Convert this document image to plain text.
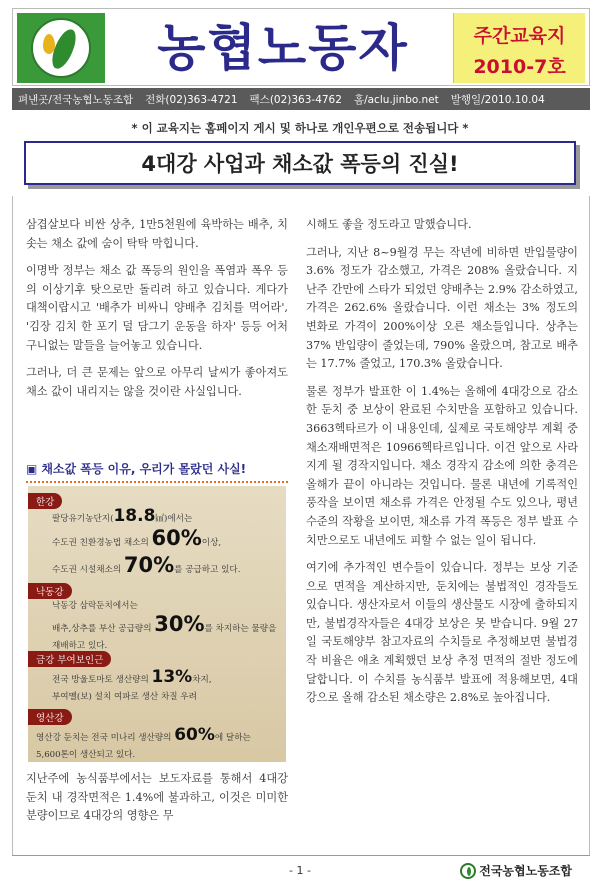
농협노동자	주간교육지
2010-7호
펴낸곳/전국농협노동조합 전화(02)363-4721 팩스(02)363-4762 홈/aclu.jinbo.net 발행일/2010.10.04
* 이 교육지는 홈페이지 게시 및 하나로 개인우편으로 전송됩니다 *
4대강 사업과 채소값 폭등의 진실!

삼겹살보다 비싼 상추, 1만5천원에 육박하는 배추, 치솟는 채소 값에 숨이 탁탁 막힙니다.

이명박 정부는 채소 값 폭등의 원인을 폭염과 폭우 등의 이상기후 탓으로만 돌리려 하고 있습니다. 게다가 대책이랍시고 '배추가 비싸니 양배추 김치를 먹어라', '김장 김치 한 포기 덜 담그기 운동을 하자' 등등 어처구니없는 말들을 늘어놓고 있습니다.

그러나, 더 큰 문제는 앞으로 아무리 날씨가 좋아져도 채소 값이 내리지는 않을 것이란 사실입니다.

▣ 채소값 폭등 이유, 우리가 몰랐던 사실!
한강
팔당유기농단지(18.8㎢)에서는
수도권 친환경농법 채소의 60%이상,
수도권 시설채소의 70%를 공급하고 있다.
낙동강
낙동강 삼락둔치에서는
배추,상추를 부산 공급량의 30%를 차지하는 물량을
재배하고 있다.
금강 부여보인근
전국 방울토마토 생산량의 13%차지,
부여멜(보) 설치 여파로 생산 차질 우려
영산강
영산강 둔치는 전국 미나리 생산량의 60%에 달하는
5,600톤이 생산되고 있다.

지난주에 농식품부에서는 보도자료를 통해서 4대강 둔치 내 경작면적은 1.4%에 불과하고, 이것은 미미한 분량이므로 4대강의 영향은 무

시해도 좋을 정도라고 말했습니다.

그러나, 지난 8~9월경 무는 작년에 비하면 반입물량이 3.6% 정도가 감소했고, 가격은 208% 올랐습니다. 지난주 간만에 스타가 되었던 양배추는 2.9% 감소하였고, 가격은 262.6% 올랐습니다. 이런 채소는 3% 정도의 변화로 가격이 200%이상 오른 채소들입니다. 상추는 37% 반입량이 줄었는데, 790% 올랐으며, 참고로 배추는 17.7% 줄었고, 170.3% 올랐습니다.

물론 정부가 발표한 이 1.4%는 올해에 4대강으로 감소한 둔치 중 보상이 완료된 수치만을 포함하고 있습니다. 3663헥타르가 이 내용인데, 실제로 국토해양부 계획 중 채소재배면적은 10966헥타르입니다. 이건 앞으로 사라지게 될 경작지입니다. 채소 경작지 감소에 의한 충격은 올해가 끝이 아니라는 것입니다. 물론 내년에 기록적인 풍작을 보이면 채소류 가격은 안정될 수도 있으나, 평년 수준의 작황을 보이면, 채소류 가격 폭등은 정부 발표 수치만으로도 내년에도 피할 수 없는 일이 됩니다.

여기에 추가적인 변수들이 있습니다. 정부는 보상 기준으로 면적을 계산하지만, 둔치에는 불법적인 경작들도 있습니다. 생산자로서 이들의 생산물도 시장에 출하되지만, 불법경작자들은 4대강 보상은 못 받습니다. 9월 27일 국토해양부 참고자료의 수치들로 추정해보면 불법경작 비율은 애초 계획했던 보상 추정 면적의 절반 정도에 달합니다. 이 수치를 농식품부 발표에 적용해보면, 4대강으로 올해 감소된 채소량은 2.8%로 높아집니다.

- 1 -	전국농협노동조합
